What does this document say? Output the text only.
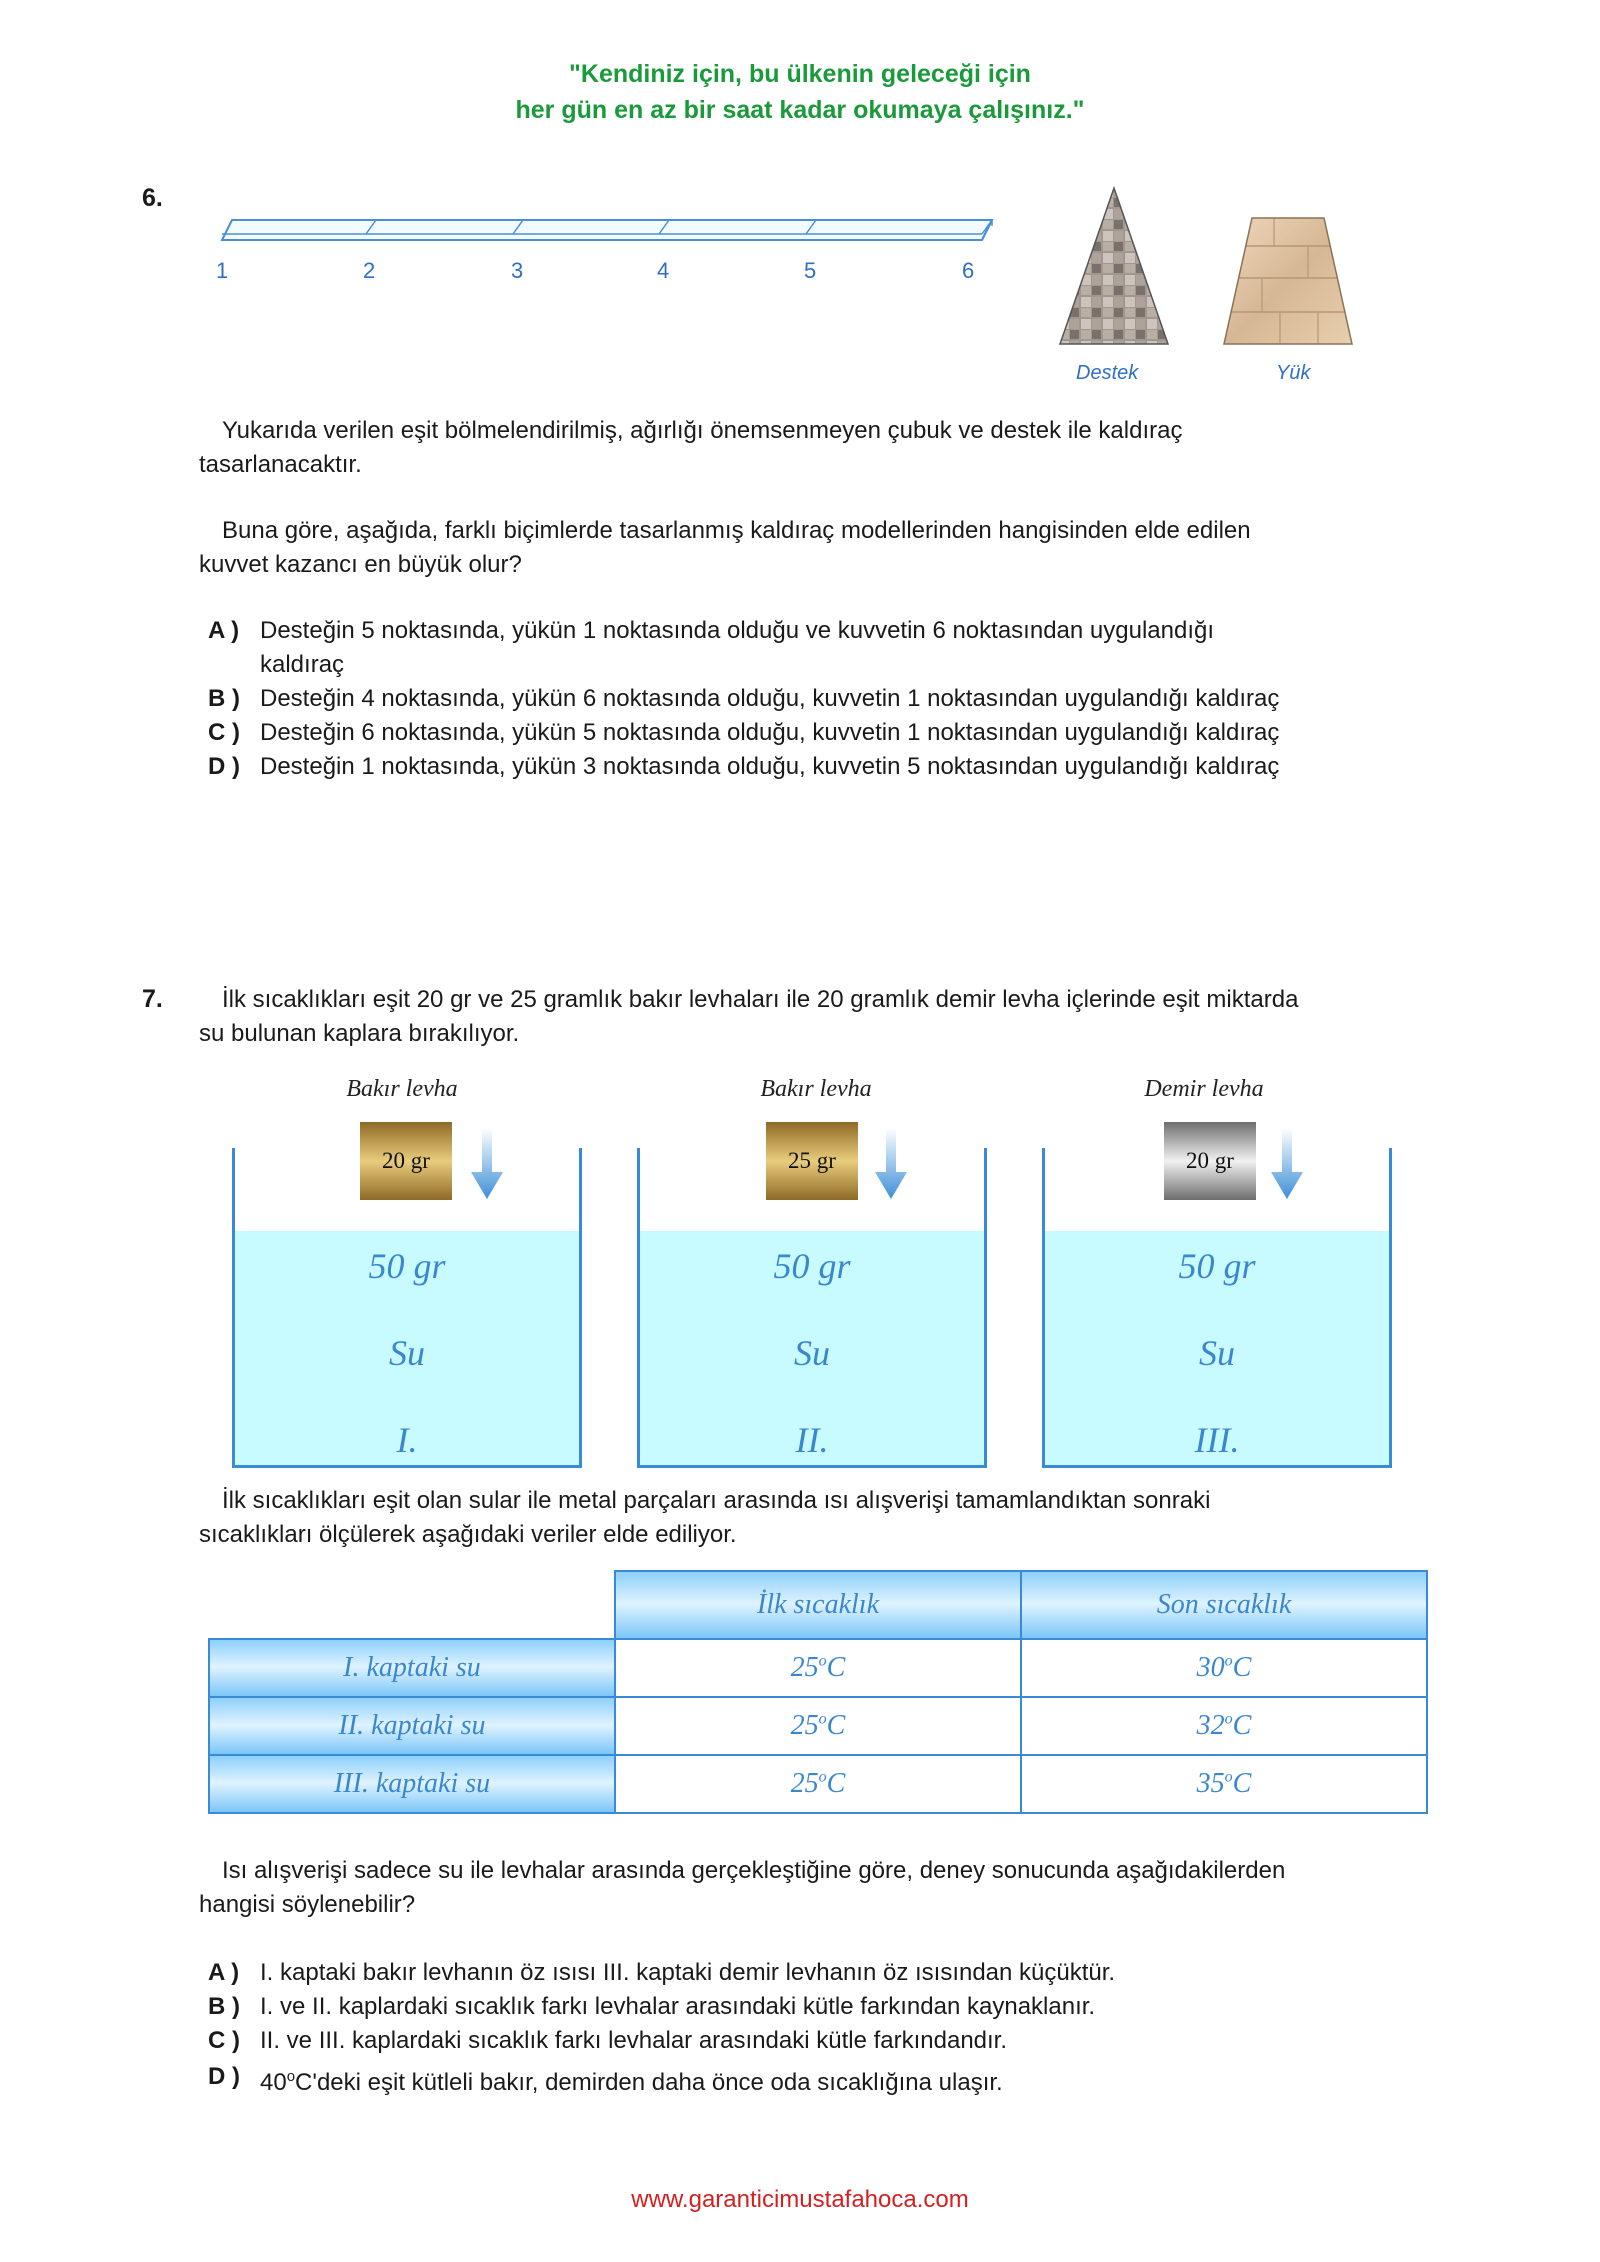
"Kendiniz için, bu ülkenin geleceği için
her gün en az bir saat kadar okumaya çalışınız."
6.
1	2	3	4	5	6
Destek	Yük
Yukarıda verilen eşit bölmelendirilmiş, ağırlığı önemsenmeyen çubuk ve destek ile kaldıraç
tasarlanacaktır.
Buna göre, aşağıda, farklı biçimlerde tasarlanmış kaldıraç modellerinden hangisinden elde edilen
kuvvet kazancı en büyük olur?
A ) Desteğin 5 noktasında, yükün 1 noktasında olduğu ve kuvvetin 6 noktasından uygulandığı
kaldıraç
B ) Desteğin 4 noktasında, yükün 6 noktasında olduğu, kuvvetin 1 noktasından uygulandığı kaldıraç
C ) Desteğin 6 noktasında, yükün 5 noktasında olduğu, kuvvetin 1 noktasından uygulandığı kaldıraç
D ) Desteğin 1 noktasında, yükün 3 noktasında olduğu, kuvvetin 5 noktasından uygulandığı kaldıraç
7. İlk sıcaklıkları eşit 20 gr ve 25 gramlık bakır levhaları ile 20 gramlık demir levha içlerinde eşit miktarda
su bulunan kaplara bırakılıyor.
Bakır levha
20 gr
50 gr
Su
I.
Bakır levha
25 gr
50 gr
Su
II.
Demir levha
20 gr
50 gr
Su
III.
İlk sıcaklıkları eşit olan sular ile metal parçaları arasında ısı alışverişi tamamlandıktan sonraki
sıcaklıkları ölçülerek aşağıdaki veriler elde ediliyor.
	İlk sıcaklık	Son sıcaklık
I. kaptaki su	25$^o$C	30$^o$C
II. kaptaki su	25$^o$C	32$^o$C
III. kaptaki su	25$^o$C	35$^o$C
Isı alışverişi sadece su ile levhalar arasında gerçekleştiğine göre, deney sonucunda aşağıdakilerden
hangisi söylenebilir?
A ) I. kaptaki bakır levhanın öz ısısı III. kaptaki demir levhanın öz ısısından küçüktür.
B ) I. ve II. kaplardaki sıcaklık farkı levhalar arasındaki kütle farkından kaynaklanır.
C ) II. ve III. kaplardaki sıcaklık farkı levhalar arasındaki kütle farkındandır.
D ) 40$^o$C'deki eşit kütleli bakır, demirden daha önce oda sıcaklığına ulaşır.
www.garanticimustafahoca.com
